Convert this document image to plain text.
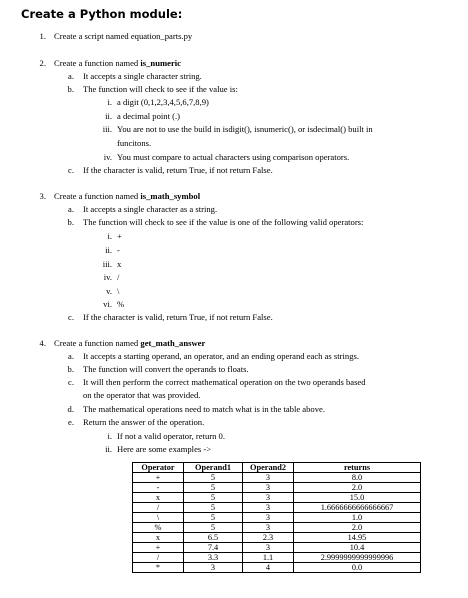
Create a Python module:
1. Create a script named equation_parts.py
2. Create a function named is_numeric
a. It accepts a single character string.
b. The function will check to see if the value is:
i. a digit (0,1,2,3,4,5,6,7,8,9)
ii. a decimal point (.)
iii. You are not to use the build in isdigit(), isnumeric(), or isdecimal() built in
funcitons.
iv. You must compare to actual characters using comparison operators.
c. If the character is valid, return True, if not return False.
3. Create a function named is_math_symbol
a. It accepts a single character as a string.
b. The function will check to see if the value is one of the following valid operators:
i. +
ii. -
iii. x
iv. /
v. \
vi. %
c. If the character is valid, return True, if not return False.
4. Create a function named get_math_answer
a. It accepts a starting operand, an operator, and an ending operand each as strings.
b. The function will convert the operands to floats.
c. It will then perform the correct mathematical operation on the two operands based
on the operator that was provided.
d. The mathematical operations need to match what is in the table above.
e. Return the answer of the operation.
i. If not a valid operator, return 0.
ii. Here are some examples ->
Operator	Operand1	Operand2	returns
+	5	3	8.0
-	5	3	2.0
x	5	3	15.0
/	5	3	1.6666666666666667
\	5	3	1.0
%	5	3	2.0
x	6.5	2.3	14.95
+	7.4	3	10.4
/	3.3	1.1	2.9999999999999996
*	3	4	0.0
